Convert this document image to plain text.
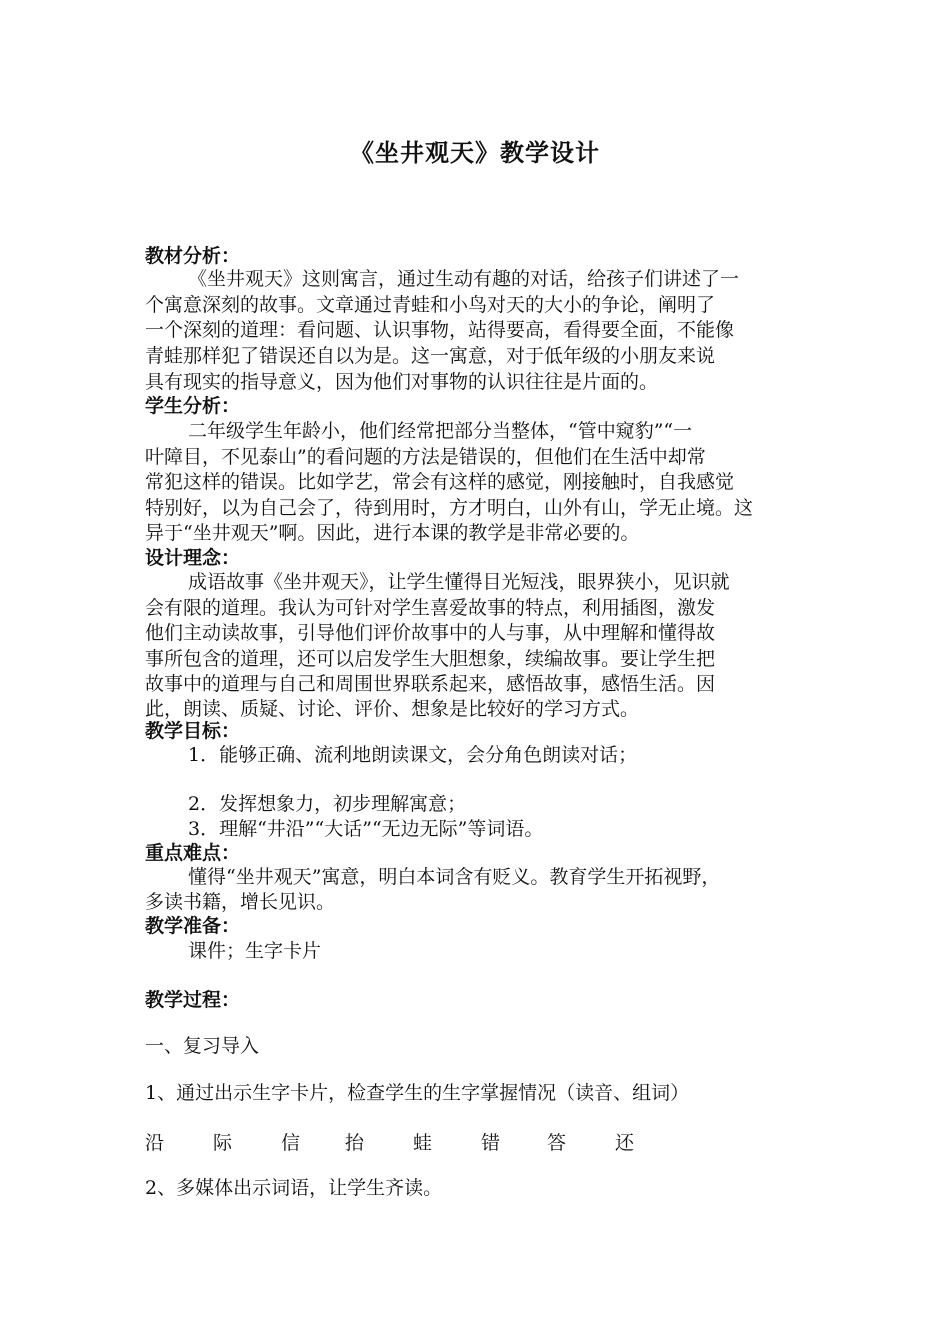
《坐井观天》教学设计
教材分析：
《坐井观天》这则寓言，通过生动有趣的对话，给孩子们讲述了一
个寓意深刻的故事。文章通过青蛙和小鸟对天的大小的争论，阐明了
一个深刻的道理：看问题、认识事物，站得要高，看得要全面，不能像
青蛙那样犯了错误还自以为是。这一寓意，对于低年级的小朋友来说
具有现实的指导意义，因为他们对事物的认识往往是片面的。
学生分析：
二年级学生年龄小，他们经常把部分当整体，“管中窥豹”“一
叶障目，不见泰山”的看问题的方法是错误的，但他们在生活中却常
常犯这样的错误。比如学艺，常会有这样的感觉，刚接触时，自我感觉
特别好，以为自己会了，待到用时，方才明白，山外有山，学无止境。这
异于“坐井观天”啊。因此，进行本课的教学是非常必要的。
设计理念：
成语故事《坐井观天》，让学生懂得目光短浅，眼界狭小，见识就
会有限的道理。我认为可针对学生喜爱故事的特点，利用插图，激发
他们主动读故事，引导他们评价故事中的人与事，从中理解和懂得故
事所包含的道理，还可以启发学生大胆想象，续编故事。要让学生把
故事中的道理与自己和周围世界联系起来，感悟故事，感悟生活。因
此，朗读、质疑、讨论、评价、想象是比较好的学习方式。
教学目标：
1．能够正确、流利地朗读课文，会分角色朗读对话；
2．发挥想象力，初步理解寓意；
3．理解“井沿”“大话”“无边无际”等词语。
重点难点：
懂得“坐井观天”寓意，明白本词含有贬义。教育学生开拓视野，
多读书籍，增长见识。
教学准备：
课件；生字卡片
教学过程：
一、复习导入
1、通过出示生字卡片，检查学生的生字掌握情况（读音、组词）
沿	际	信 抬	蛙	错 答	还
2、多媒体出示词语，让学生齐读。
